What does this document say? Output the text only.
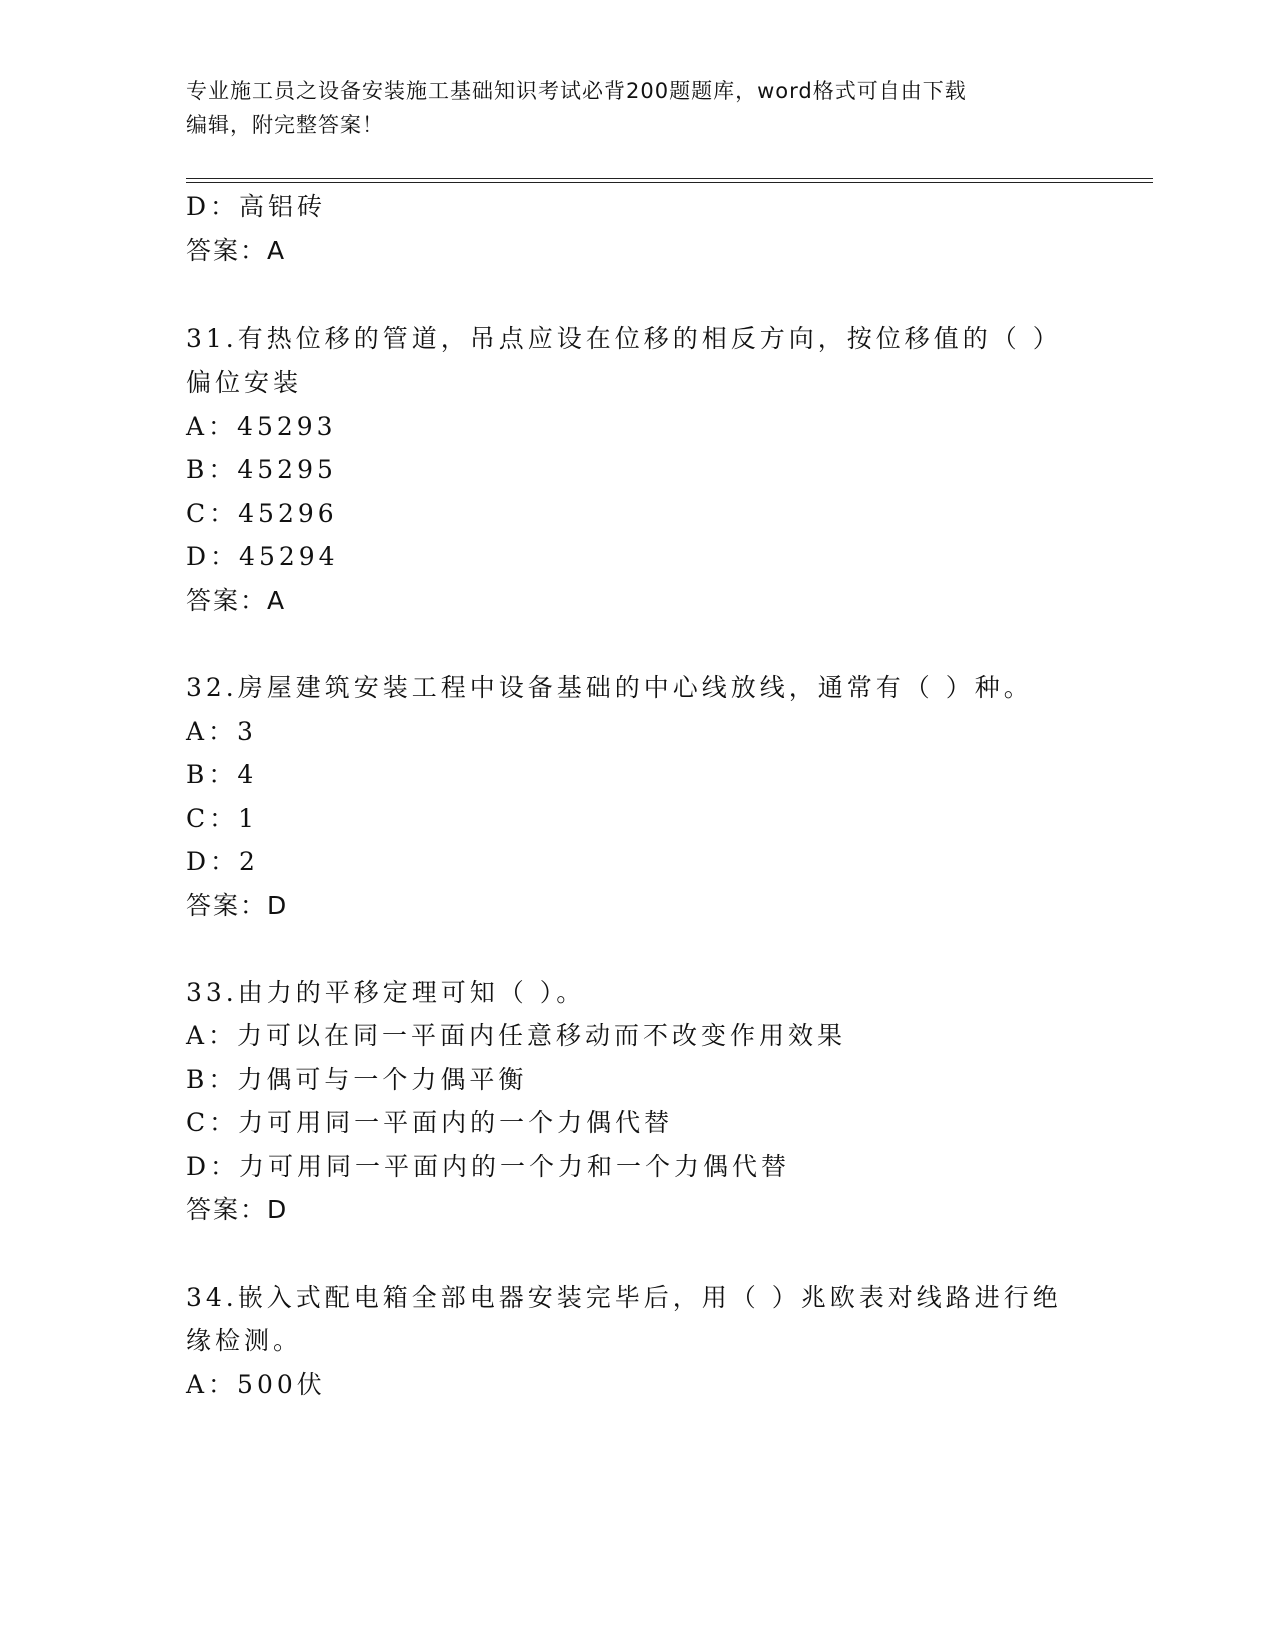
专业施工员之设备安装施工基础知识考试必背200题题库，word格式可自由下载
编辑，附完整答案！
D：高铝砖
答案：A
31.有热位移的管道，吊点应设在位移的相反方向，按位移值的（ ）
偏位安装
A：45293
B：45295
C：45296
D：45294
答案：A
32.房屋建筑安装工程中设备基础的中心线放线，通常有（ ）种。
A：3
B：4
C：1
D：2
答案：D
33.由力的平移定理可知（ ）。
A：力可以在同一平面内任意移动而不改变作用效果
B：力偶可与一个力偶平衡
C：力可用同一平面内的一个力偶代替
D：力可用同一平面内的一个力和一个力偶代替
答案：D
34.嵌入式配电箱全部电器安装完毕后，用（ ）兆欧表对线路进行绝
缘检测。
A：500伏
